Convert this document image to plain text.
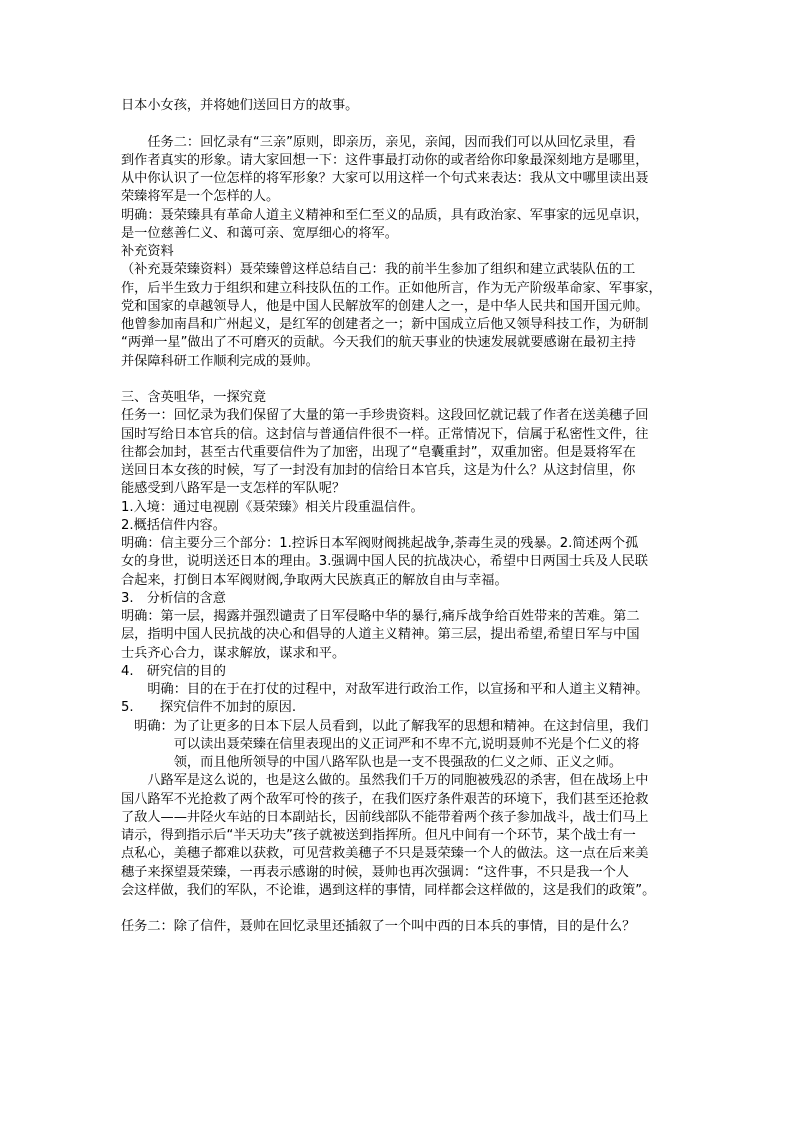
日本小女孩，并将她们送回日方的故事。
　　任务二：回忆录有“三亲”原则，即亲历，亲见，亲闻，因而我们可以从回忆录里，看
到作者真实的形象。请大家回想一下：这件事最打动你的或者给你印象最深刻地方是哪里，
从中你认识了一位怎样的将军形象？大家可以用这样一个句式来表达：我从文中哪里读出聂
荣臻将军是一个怎样的人。
明确：聂荣臻具有革命人道主义精神和至仁至义的品质，具有政治家、军事家的远见卓识，
是一位慈善仁义、和蔼可亲、宽厚细心的将军。
补充资料
（补充聂荣臻资料）聂荣臻曾这样总结自己：我的前半生参加了组织和建立武装队伍的工
作，后半生致力于组织和建立科技队伍的工作。正如他所言，作为无产阶级革命家、军事家，
党和国家的卓越领导人，他是中国人民解放军的创建人之一，是中华人民共和国开国元帅。
他曾参加南昌和广州起义，是红军的创建者之一；新中国成立后他又领导科技工作，为研制
“两弹一星”做出了不可磨灭的贡献。今天我们的航天事业的快速发展就要感谢在最初主持
并保障科研工作顺利完成的聂帅。
三、含英咀华，一探究竟
任务一：回忆录为我们保留了大量的第一手珍贵资料。这段回忆就记载了作者在送美穗子回
国时写给日本官兵的信。这封信与普通信件很不一样。正常情况下，信属于私密性文件，往
往都会加封，甚至古代重要信件为了加密，出现了“皂囊重封”，双重加密。但是聂将军在
送回日本女孩的时候，写了一封没有加封的信给日本官兵，这是为什么？从这封信里，你
能感受到八路军是一支怎样的军队呢？
1.入境：通过电视剧《聂荣臻》相关片段重温信件。
2.概括信件内容。
明确：信主要分三个部分：1.控诉日本军阀财阀挑起战争,荼毒生灵的残暴。2.简述两个孤
女的身世，说明送还日本的理由。3.强调中国人民的抗战决心，希望中日两国士兵及人民联
合起来，打倒日本军阀财阀,争取两大民族真正的解放自由与幸福。
3.　分析信的含意
明确：第一层，揭露并强烈谴责了日军侵略中华的暴行,痛斥战争给百姓带来的苦难。第二
层，指明中国人民抗战的决心和倡导的人道主义精神。第三层，提出希望,希望日军与中国
士兵齐心合力，谋求解放，谋求和平。
4.　研究信的目的
　　明确：目的在于在打仗的过程中，对敌军进行政治工作，以宣扬和平和人道主义精神。
5.　　探究信件不加封的原因.
　明确：为了让更多的日本下层人员看到，以此了解我军的思想和精神。在这封信里，我们
　　　　可以读出聂荣臻在信里表现出的义正词严和不卑不亢,说明聂帅不光是个仁义的将
　　　　领，而且他所领导的中国八路军队也是一支不畏强敌的仁义之师、正义之师。
　　八路军是这么说的，也是这么做的。虽然我们千万的同胞被残忍的杀害，但在战场上中
国八路军不光抢救了两个敌军可怜的孩子，在我们医疗条件艰苦的环境下，我们甚至还抢救
了敌人——井陉火车站的日本副站长，因前线部队不能带着两个孩子参加战斗，战士们马上
请示，得到指示后“半天功夫”孩子就被送到指挥所。但凡中间有一个环节，某个战士有一
点私心，美穗子都难以获救，可见营救美穗子不只是聂荣臻一个人的做法。这一点在后来美
穗子来探望聂荣臻，一再表示感谢的时候，聂帅也再次强调：“这件事，不只是我一个人
会这样做，我们的军队，不论谁，遇到这样的事情，同样都会这样做的，这是我们的政策”。
任务二：除了信件，聂帅在回忆录里还插叙了一个叫中西的日本兵的事情，目的是什么？
